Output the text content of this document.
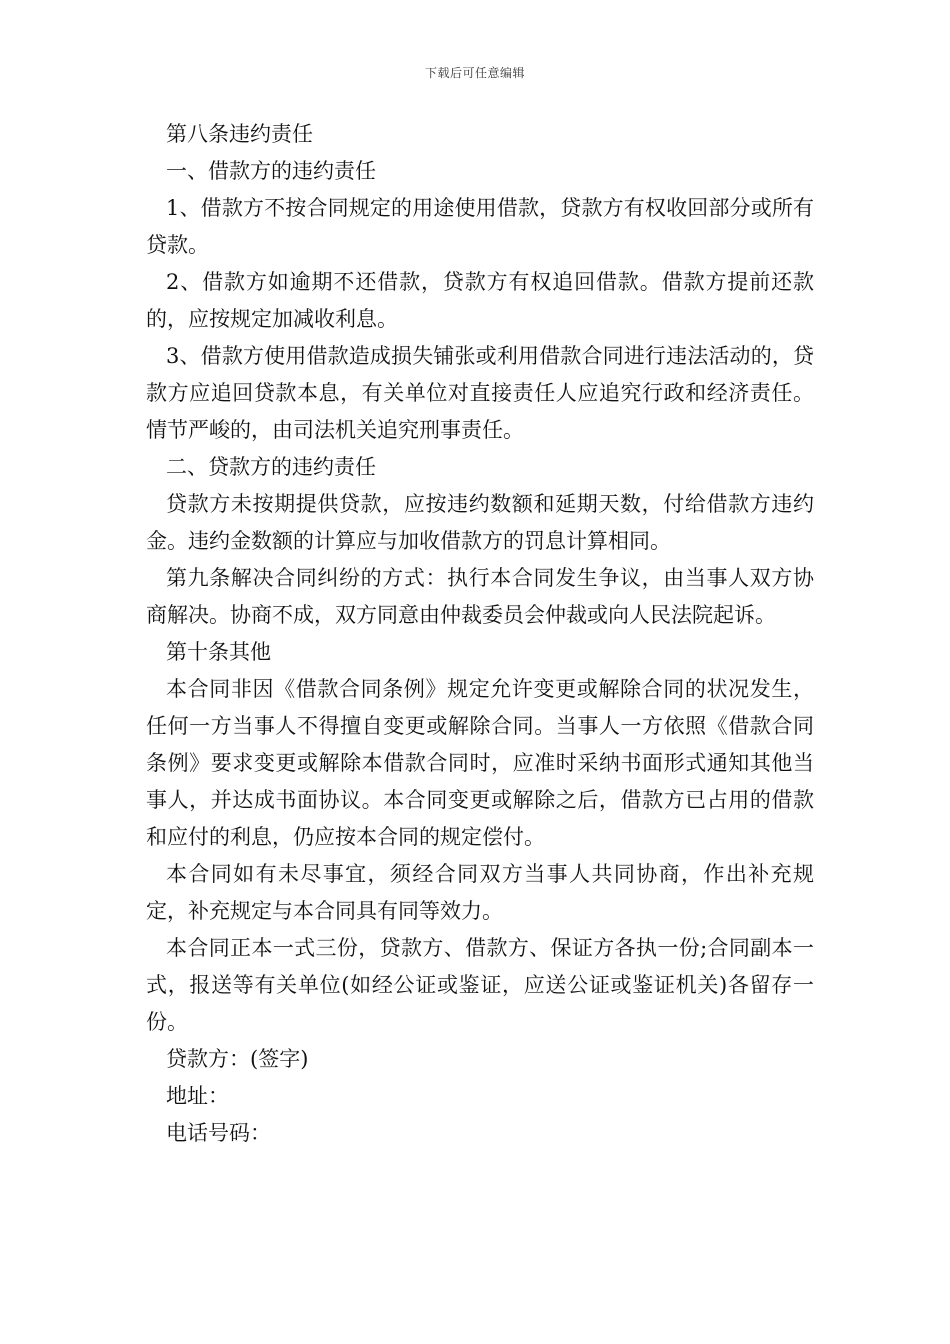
下载后可任意编辑

第八条违约责任

一、借款方的违约责任

1、借款方不按合同规定的用途使用借款，贷款方有权收回部分或所有贷款。

2、借款方如逾期不还借款，贷款方有权追回借款。借款方提前还款的，应按规定加减收利息。

3、借款方使用借款造成损失铺张或利用借款合同进行违法活动的，贷款方应追回贷款本息，有关单位对直接责任人应追究行政和经济责任。情节严峻的，由司法机关追究刑事责任。

二、贷款方的违约责任

贷款方未按期提供贷款，应按违约数额和延期天数，付给借款方违约金。违约金数额的计算应与加收借款方的罚息计算相同。

第九条解决合同纠纷的方式：执行本合同发生争议，由当事人双方协商解决。协商不成，双方同意由仲裁委员会仲裁或向人民法院起诉。

第十条其他

本合同非因《借款合同条例》规定允许变更或解除合同的状况发生，任何一方当事人不得擅自变更或解除合同。当事人一方依照《借款合同条例》要求变更或解除本借款合同时，应准时采纳书面形式通知其他当事人，并达成书面协议。本合同变更或解除之后，借款方已占用的借款和应付的利息，仍应按本合同的规定偿付。

本合同如有未尽事宜，须经合同双方当事人共同协商，作出补充规定，补充规定与本合同具有同等效力。

本合同正本一式三份，贷款方、借款方、保证方各执一份;合同副本一式，报送等有关单位(如经公证或鉴证，应送公证或鉴证机关)各留存一份。

贷款方：(签字)

地址：

电话号码：
